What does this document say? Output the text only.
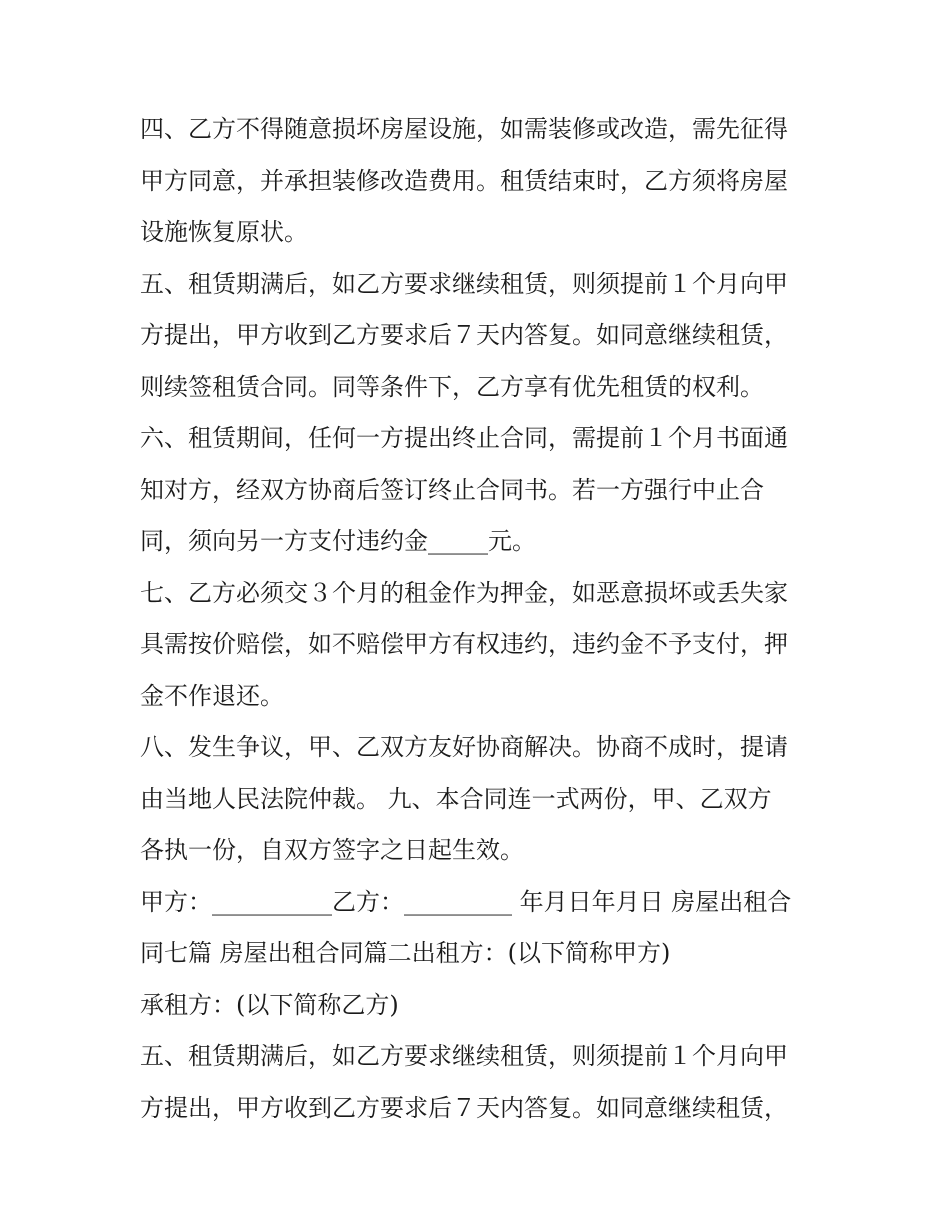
四、乙方不得随意损坏房屋设施，如需装修或改造，需先征得
甲方同意，并承担装修改造费用。租赁结束时，乙方须将房屋
设施恢复原状。
五、租赁期满后，如乙方要求继续租赁，则须提前１个月向甲
方提出，甲方收到乙方要求后７天内答复。如同意继续租赁，
则续签租赁合同。同等条件下，乙方享有优先租赁的权利。
六、租赁期间，任何一方提出终止合同，需提前１个月书面通
知对方，经双方协商后签订终止合同书。若一方强行中止合
同，须向另一方支付违约金_____元。
七、乙方必须交３个月的租金作为押金，如恶意损坏或丢失家
具需按价赔偿，如不赔偿甲方有权违约，违约金不予支付，押
金不作退还。
八、发生争议，甲、乙双方友好协商解决。协商不成时，提请
由当地人民法院仲裁。 九、本合同连一式两份，甲、乙双方
各执一份，自双方签字之日起生效。
甲方：__________乙方：_________ 年月日年月日 房屋出租合
同七篇 房屋出租合同篇二出租方：(以下简称甲方)
承租方：(以下简称乙方)
五、租赁期满后，如乙方要求继续租赁，则须提前１个月向甲
方提出，甲方收到乙方要求后７天内答复。如同意继续租赁，
